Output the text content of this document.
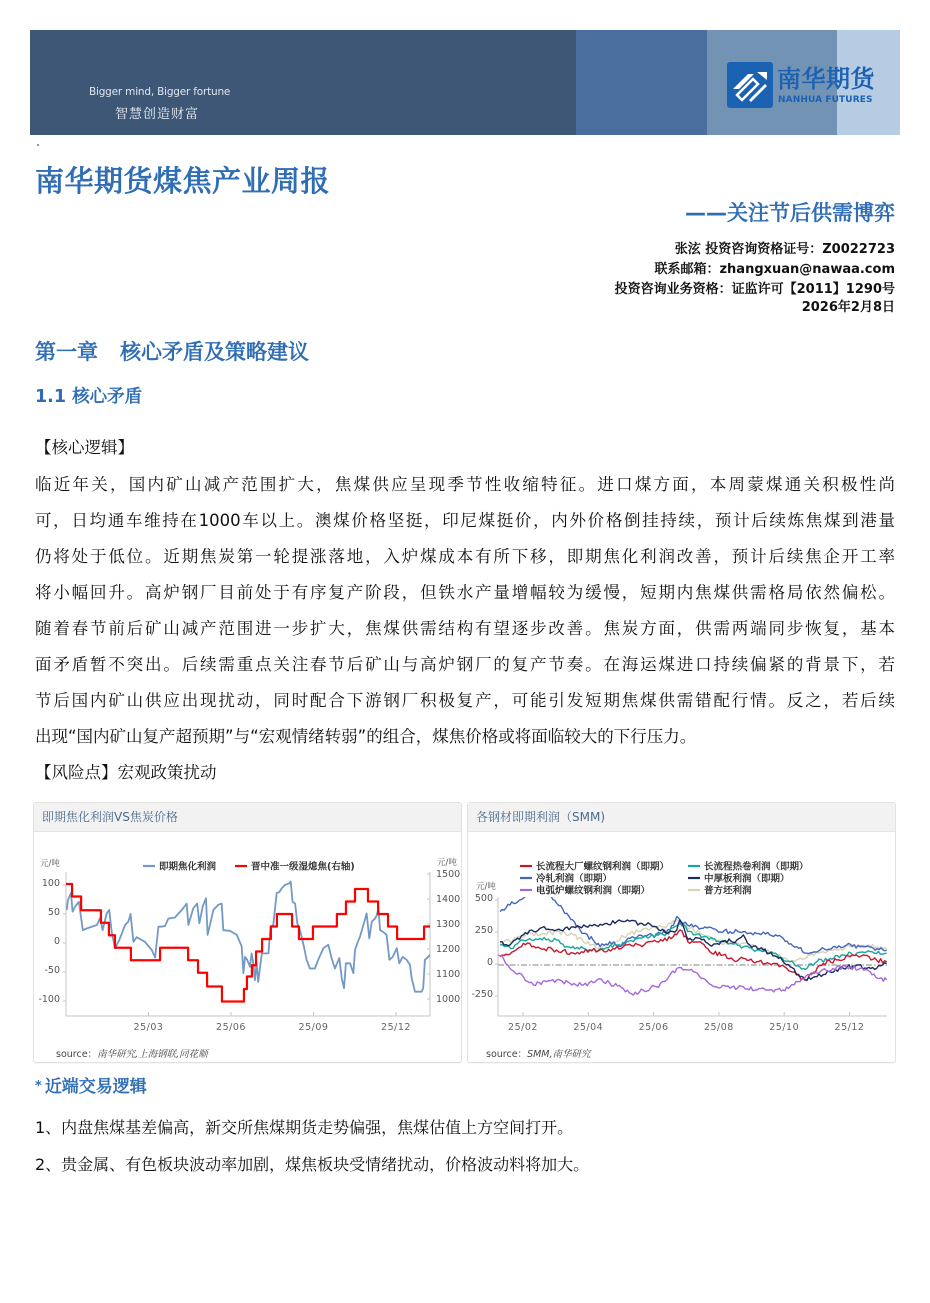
Bigger mind, Bigger fortune
智慧创造财富
南华期货
NANHUA FUTURES
南华期货煤焦产业周报
——关注节后供需博弈
张泫 投资咨询资格证号：Z0022723
联系邮箱：zhangxuan@nawaa.com
投资咨询业务资格：证监许可【2011】1290号
2026年2月8日
第一章 核心矛盾及策略建议
1.1 核心矛盾
【核心逻辑】
临近年关，国内矿山减产范围扩大，焦煤供应呈现季节性收缩特征。进口煤方面，本周蒙煤通关积极性尚
可，日均通车维持在1000车以上。澳煤价格坚挺，印尼煤挺价，内外价格倒挂持续，预计后续炼焦煤到港量
仍将处于低位。近期焦炭第一轮提涨落地，入炉煤成本有所下移，即期焦化利润改善，预计后续焦企开工率
将小幅回升。高炉钢厂目前处于有序复产阶段，但铁水产量增幅较为缓慢，短期内焦煤供需格局依然偏松。
随着春节前后矿山减产范围进一步扩大，焦煤供需结构有望逐步改善。焦炭方面，供需两端同步恢复，基本
面矛盾暂不突出。后续需重点关注春节后矿山与高炉钢厂的复产节奏。在海运煤进口持续偏紧的背景下，若
节后国内矿山供应出现扰动，同时配合下游钢厂积极复产，可能引发短期焦煤供需错配行情。反之，若后续
出现“国内矿山复产超预期”与“宏观情绪转弱”的组合，煤焦价格或将面临较大的下行压力。
【风险点】宏观政策扰动
25/03	25/06	25/09	25/12
100
50
0
-50
-100
元/吨
1500
1400
1300
1200
1100
1000
元/吨
即期焦化利润	晋中准一级湿熄焦(右轴)
即期焦化利润VS焦炭价格
source：南华研究,上海钢联,同花顺
25/02	25/04	25/06	25/08	25/10	25/12
500
250
0
-250
元/吨
长流程大厂螺纹钢利润（即期）	长流程热卷利润（即期）
冷轧利润（即期）	中厚板利润（即期）
电弧炉螺纹钢利润（即期）	普方坯利润
各钢材即期利润（SMM)
source：SMM,南华研究
* 近端交易逻辑
1、内盘焦煤基差偏高，新交所焦煤期货走势偏强，焦煤估值上方空间打开。
2、贵金属、有色板块波动率加剧，煤焦板块受情绪扰动，价格波动料将加大。
